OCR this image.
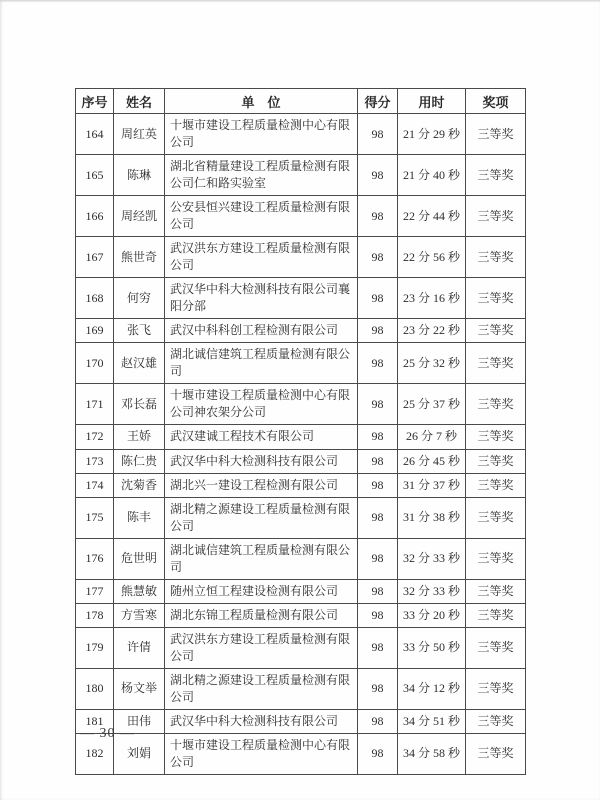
序号	姓名	单　位	得分	用时	奖项
164	周红英	十堰市建设工程质量检测中心有限公司	98	21 分 29 秒	三等奖
165	陈琳	湖北省精量建设工程质量检测有限公司仁和路实验室	98	21 分 40 秒	三等奖
166	周经凯	公安县恒兴建设工程质量检测有限公司	98	22 分 44 秒	三等奖
167	熊世奇	武汉洪东方建设工程质量检测有限公司	98	22 分 56 秒	三等奖
168	何穷	武汉华中科大检测科技有限公司襄阳分部	98	23 分 16 秒	三等奖
169	张飞	武汉中科科创工程检测有限公司	98	23 分 22 秒	三等奖
170	赵汉雄	湖北诚信建筑工程质量检测有限公司	98	25 分 32 秒	三等奖
171	邓长磊	十堰市建设工程质量检测中心有限公司神农架分公司	98	25 分 37 秒	三等奖
172	王娇	武汉建诚工程技术有限公司	98	26 分 7 秒	三等奖
173	陈仁贵	武汉华中科大检测科技有限公司	98	26 分 45 秒	三等奖
174	沈菊香	湖北兴一建设工程检测有限公司	98	31 分 37 秒	三等奖
175	陈丰	湖北精之源建设工程质量检测有限公司	98	31 分 38 秒	三等奖
176	危世明	湖北诚信建筑工程质量检测有限公司	98	32 分 33 秒	三等奖
177	熊慧敏	随州立恒工程建设检测有限公司	98	32 分 33 秒	三等奖
178	方雪寒	湖北东锦工程质量检测有限公司	98	33 分 20 秒	三等奖
179	许倩	武汉洪东方建设工程质量检测有限公司	98	33 分 50 秒	三等奖
180	杨文举	湖北精之源建设工程质量检测有限公司	98	34 分 12 秒	三等奖
181	田伟	武汉华中科大检测科技有限公司	98	34 分 51 秒	三等奖
182	刘娟	十堰市建设工程质量检测中心有限公司	98	34 分 58 秒	三等奖
— 30 —
